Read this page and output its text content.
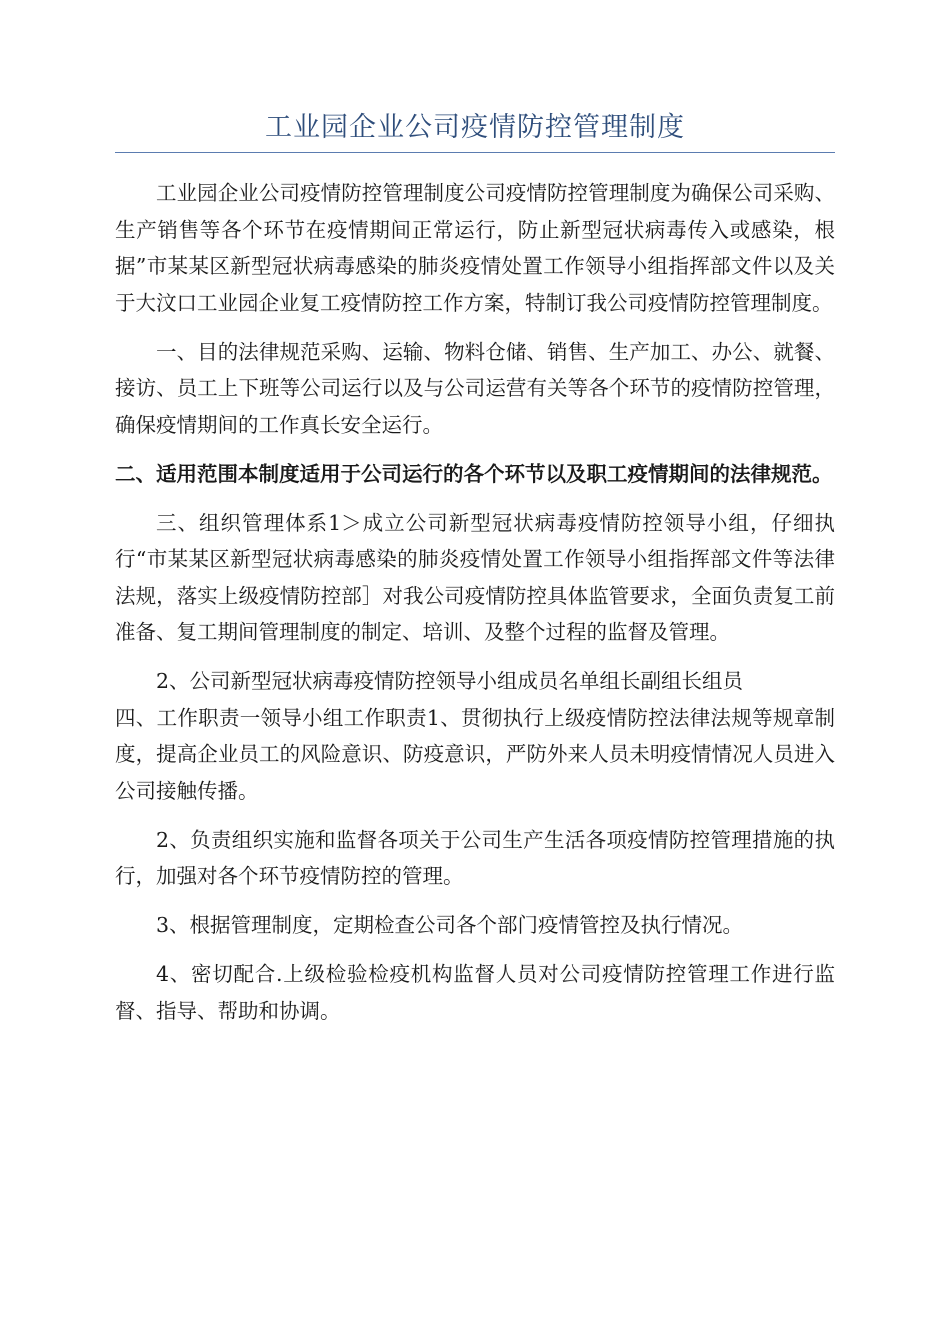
工业园企业公司疫情防控管理制度

工业园企业公司疫情防控管理制度公司疫情防控管理制度为确保公司采购、生产销售等各个环节在疫情期间正常运行，防止新型冠状病毒传入或感染，根据”市某某区新型冠状病毒感染的肺炎疫情处置工作领导小组指挥部文件以及关于大汶口工业园企业复工疫情防控工作方案，特制订我公司疫情防控管理制度。

一、目的法律规范采购、运输、物料仓储、销售、生产加工、办公、就餐、接访、员工上下班等公司运行以及与公司运营有关等各个环节的疫情防控管理，确保疫情期间的工作真长安全运行。

二、适用范围本制度适用于公司运行的各个环节以及职工疫情期间的法律规范。

三、组织管理体系1＞成立公司新型冠状病毒疫情防控领导小组，仔细执行“市某某区新型冠状病毒感染的肺炎疫情处置工作领导小组指挥部文件等法律法规，落实上级疫情防控部］对我公司疫情防控具体监管要求，全面负责复工前准备、复工期间管理制度的制定、培训、及整个过程的监督及管理。

2、公司新型冠状病毒疫情防控领导小组成员名单组长副组长组员
四、工作职责一领导小组工作职责1、贯彻执行上级疫情防控法律法规等规章制度，提高企业员工的风险意识、防疫意识，严防外来人员未明疫情情况人员进入公司接触传播。

2、负责组织实施和监督各项关于公司生产生活各项疫情防控管理措施的执行，加强对各个环节疫情防控的管理。

3、根据管理制度，定期检查公司各个部门疫情管控及执行情况。

4、密切配合.上级检验检疫机构监督人员对公司疫情防控管理工作进行监督、指导、帮助和协调。
